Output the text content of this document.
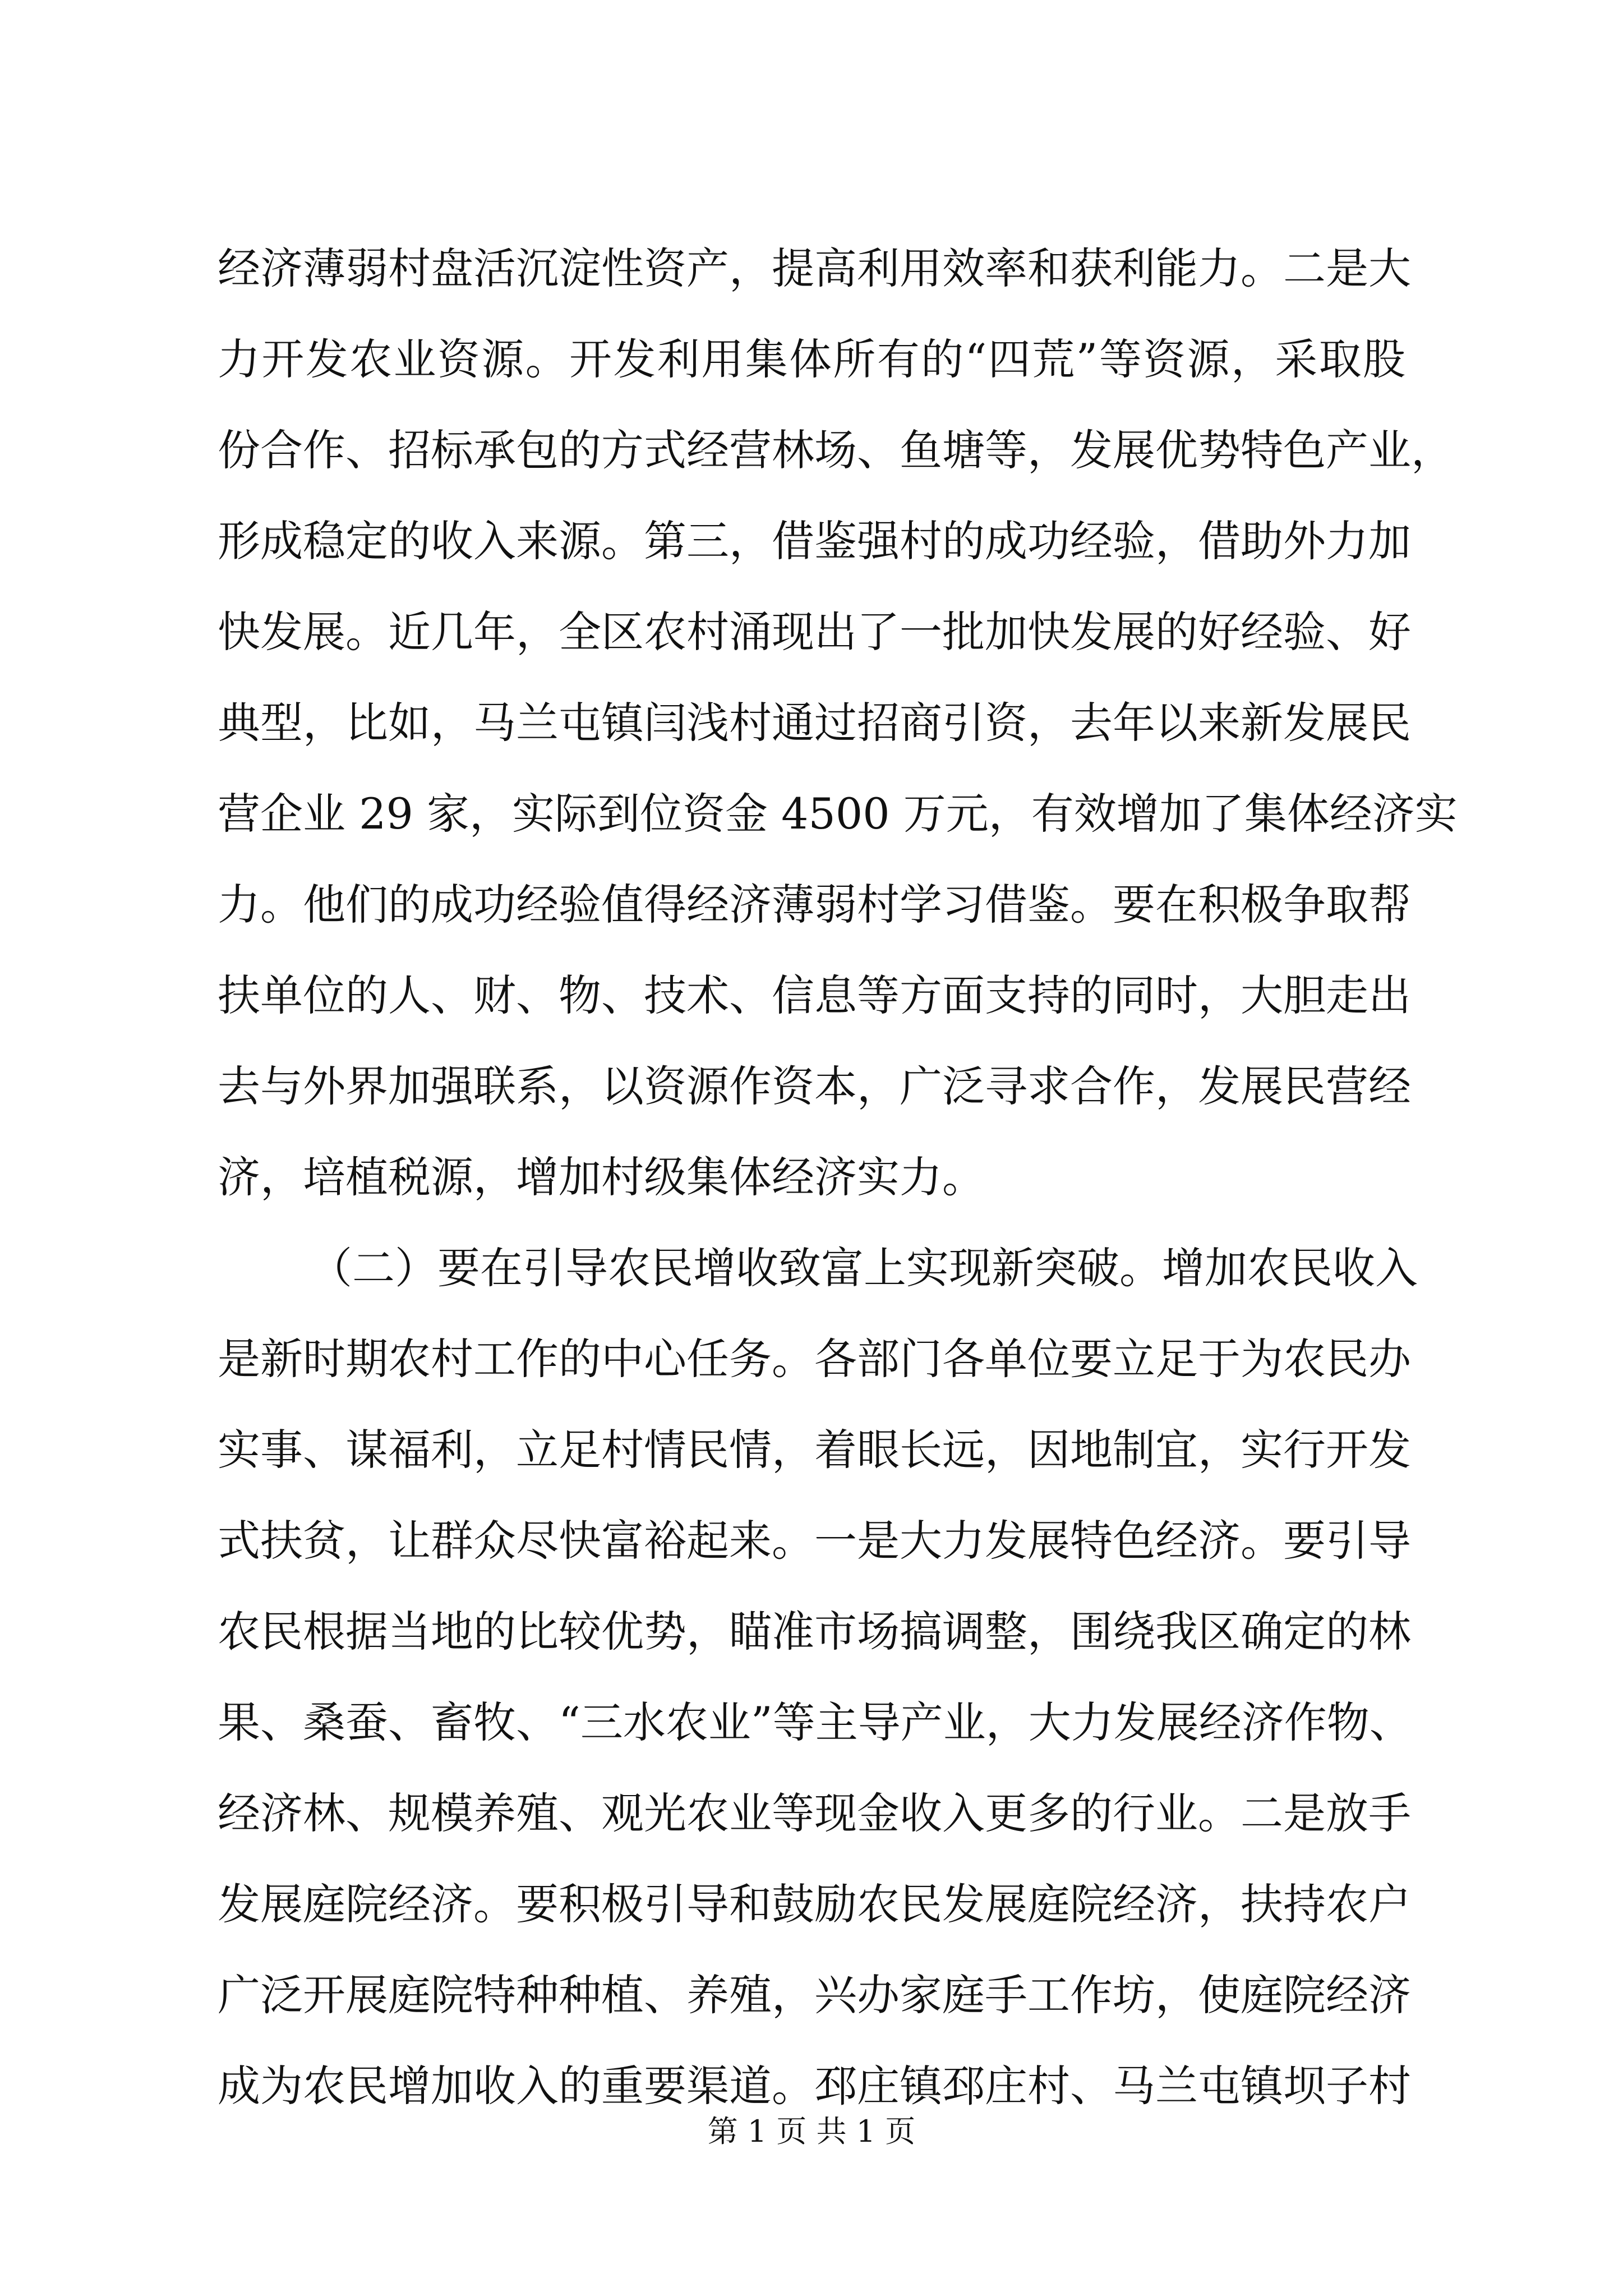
经济薄弱村盘活沉淀性资产，提高利用效率和获利能力。二是大
力开发农业资源。开发利用集体所有的“四荒”等资源，采取股
份合作、招标承包的方式经营林场、鱼塘等，发展优势特色产业，
形成稳定的收入来源。第三，借鉴强村的成功经验，借助外力加
快发展。近几年，全区农村涌现出了一批加快发展的好经验、好
典型，比如，马兰屯镇闫浅村通过招商引资，去年以来新发展民
营企业 29 家，实际到位资金 4500 万元，有效增加了集体经济实
力。他们的成功经验值得经济薄弱村学习借鉴。要在积极争取帮
扶单位的人、财、物、技术、信息等方面支持的同时，大胆走出
去与外界加强联系，以资源作资本，广泛寻求合作，发展民营经
济，培植税源，增加村级集体经济实力。
（二）要在引导农民增收致富上实现新突破。增加农民收入
是新时期农村工作的中心任务。各部门各单位要立足于为农民办
实事、谋福利，立足村情民情，着眼长远，因地制宜，实行开发
式扶贫，让群众尽快富裕起来。一是大力发展特色经济。要引导
农民根据当地的比较优势，瞄准市场搞调整，围绕我区确定的林
果、桑蚕、畜牧、“三水农业”等主导产业，大力发展经济作物、
经济林、规模养殖、观光农业等现金收入更多的行业。二是放手
发展庭院经济。要积极引导和鼓励农民发展庭院经济，扶持农户
广泛开展庭院特种种植、养殖，兴办家庭手工作坊，使庭院经济
成为农民增加收入的重要渠道。邳庄镇邳庄村、马兰屯镇坝子村
第 1 页 共 1 页
